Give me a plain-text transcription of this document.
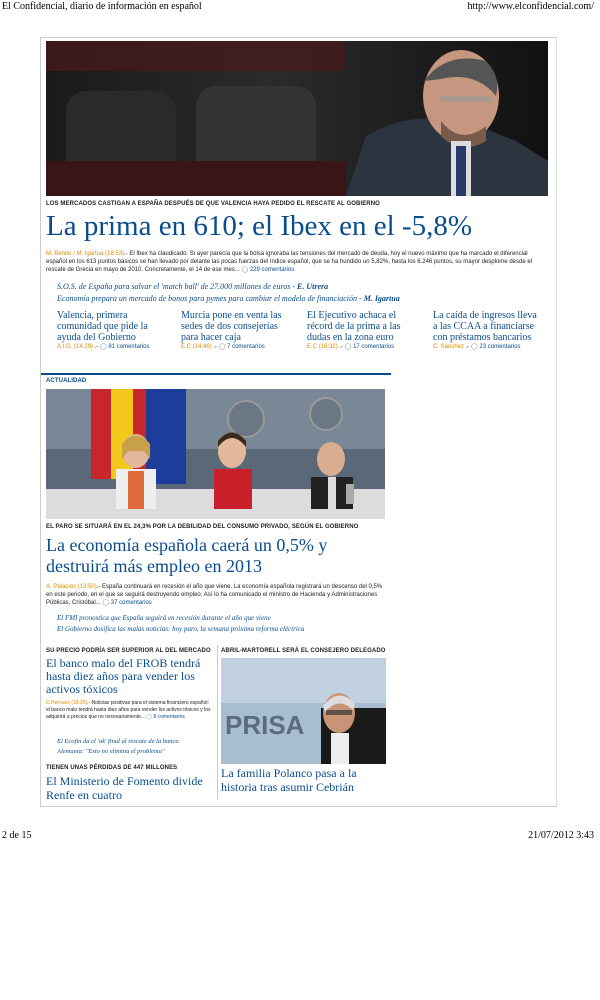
El Confidencial, diario de información en español	http://www.elconfidencial.com/
2 de 15	21/07/2012 3:43
LOS MERCADOS CASTIGAN A ESPAÑA DESPUÉS DE QUE VALENCIA HAYA PEDIDO EL RESCATE AL GOBIERNO
La prima en 610; el Ibex en el -5,8%
M. Benito / M. Igartua (18:53).- El Ibex ha claudicado. Si ayer parecía que la bolsa ignoraba las tensiones del mercado de deuda, hoy el nuevo máximo que ha marcado el diferencial español en los 613 puntos básicos se han llevado por delante las pocas fuerzas del índice español, que se ha hundido un 5,82%, hasta los 6.246 puntos, su mayor desplome desde el rescate de Grecia en mayo de 2010. Concretamente, el 14 de ese mes... ◯ 229 comentarios
S.O.S. de España para salvar el 'match ball' de 27.000 millones de euros - E. Utrera
Economía prepara un mercado de bonos para pymes para cambiar el modelo de financiación - M. Igartua
Valencia, primera comunidad que pide la ayuda del Gobierno
A.I.G. (14:29) .- ◯ 81 comentarios
Murcia pone en venta las sedes de dos consejerías para hacer caja
E.C (14:46) .- ◯ 7 comentarios
El Ejecutivo achaca el récord de la prima a las dudas en la zona euro
E.C (16:32) .- ◯ 17 comentarios
La caída de ingresos lleva a las CCAA a financiarse con préstamos bancarios
C. Sánchez .- ◯ 23 comentarios
ACTUALIDAD
EL PARO SE SITUARÁ EN EL 24,3% POR LA DEBILIDAD DEL CONSUMO PRIVADO, SEGÚN EL GOBIERNO
La economía española caerá un 0,5% y destruirá más empleo en 2013
A. Palacios (13:50).- España continuará en recesión el año que viene. La economía española registrará un descenso del 0,5% en este periodo, en el que se seguirá destruyendo empleo. Así lo ha comunicado el ministro de Hacienda y Administraciones Públicas, Cristóbal... ◯ 37 comentarios
El FMI pronostica que España seguirá en recesión durante el año que viene
El Gobierno dosifica las malas noticias: hoy paro, la semana próxima reforma eléctrica
SU PRECIO PODRÍA SER SUPERIOR AL DEL MERCADO
El banco malo del FROB tendrá hasta diez años para vender los activos tóxicos
C.Hernanz (18:30).- Noticias positivas para el sistema financiero español: el banco malo tendrá hasta diez años para vender los activos tóxicos y los adquirirá a precios que no necesariamente... ◯ 8 comentarios
El Ecofin da el 'ok' final al rescate de la banca
Alemania: "Esto no elimina el problema"
TIENEN UNAS PÉRDIDAS DE 447 MILLONES
El Ministerio de Fomento divide Renfe en cuatro
ABRIL-MARTORELL SERÁ EL CONSEJERO DELEGADO
PRISA
La familia Polanco pasa a la historia tras asumir Cebrián
